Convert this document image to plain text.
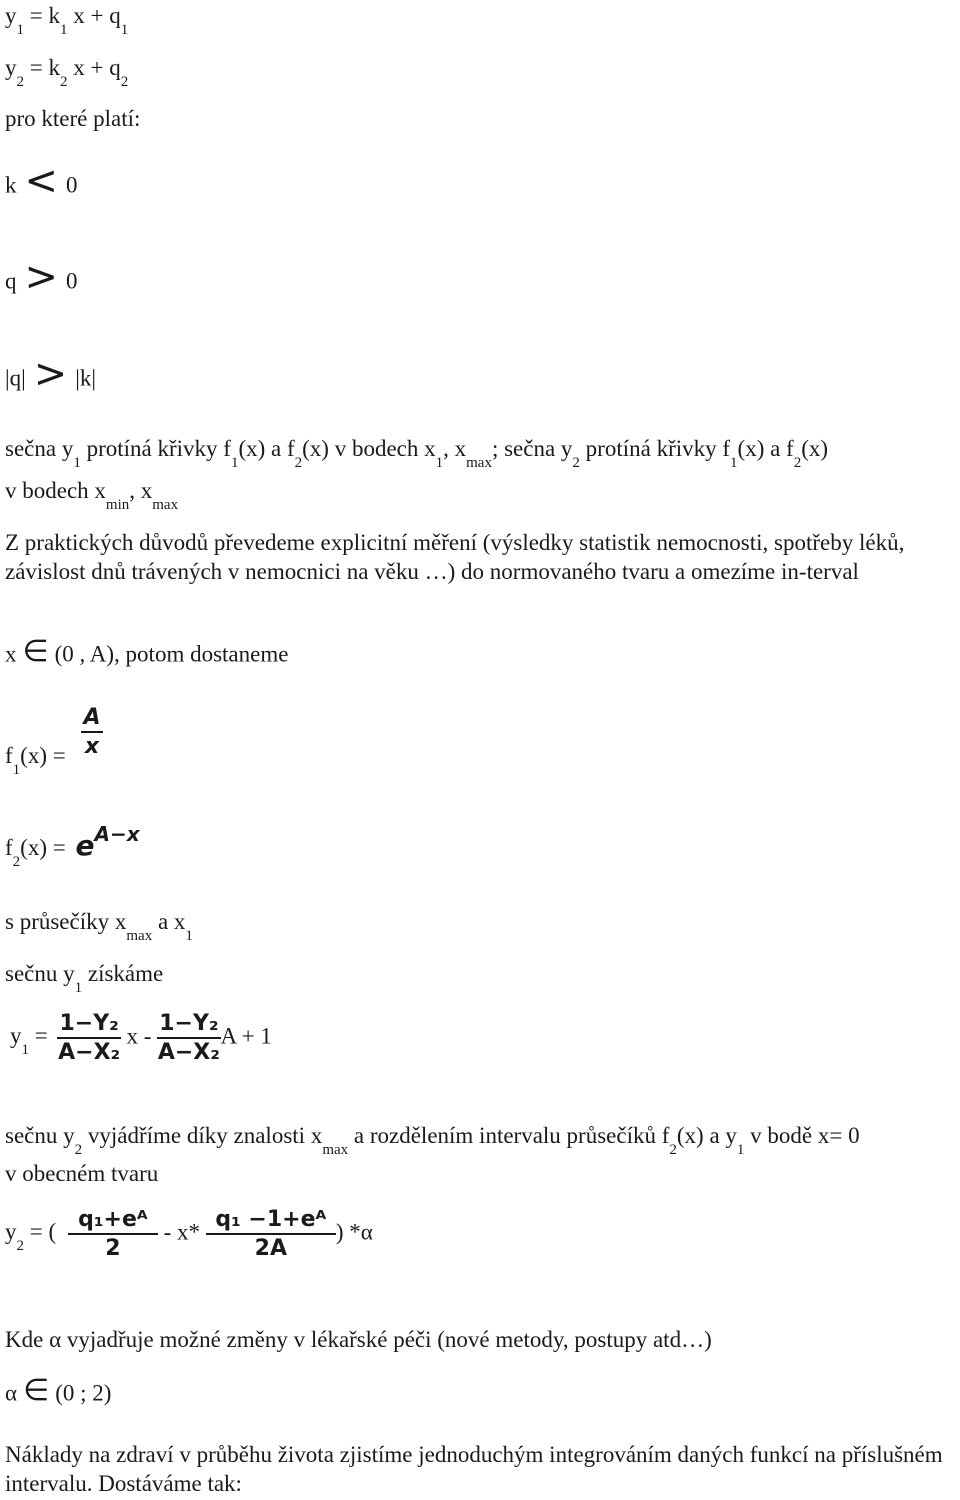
$y_1 = k_1$ $x + q_1$
$y_2 = k_2$ $x + q_2$
pro které platí:
k < 0
q > 0
|q| > |k|
sečna $y_1$ protíná křivky $f_1(x)$ a $f_2(x)$ v bodech $x_1$, $x_{max}$; sečna $y_2$ protíná křivky $f_1(x)$ a $f_2(x)$
v bodech $x_{min}$, $x_{max}$
Z praktických důvodů převedeme explicitní měření (výsledky statistik nemocnosti, spotřeby léků, závislost dnů trávených v nemocnici na věku …) do normovaného tvaru a omezíme in-terval
x ∈ (0 , A), potom dostaneme
$f_1(x) = \frac{A}{x}$
$f_2(x) = eA-x$
s průsečíky $x_{max}$ a $x_1$
sečnu $y_1$ získáme
$y_1 = \frac{\text{1−Y₂}}{\text{A−X₂}}$ x - $\frac{\text{1−Y₂}}{\text{A−X₂}}$ A + 1
sečnu $y_2$ vyjádříme díky znalosti $x_{max}$ a rozdělením intervalu průsečíků $f_2(x)$ a $y_1$ v bodě x= 0
v obecném tvaru
$y_2$ = ( $\frac{\text{q₁+eᴬ}}{2} - x* \frac{\text{q₁ −1+eᴬ}}{2A}$ ) *α
Kde α vyjadřuje možné změny v lékařské péči (nové metody, postupy atd…)
α ∈ (0 ; 2)
Náklady na zdraví v průběhu života zjistíme jednoduchým integrováním daných funkcí na příslušném intervalu. Dostáváme tak:
